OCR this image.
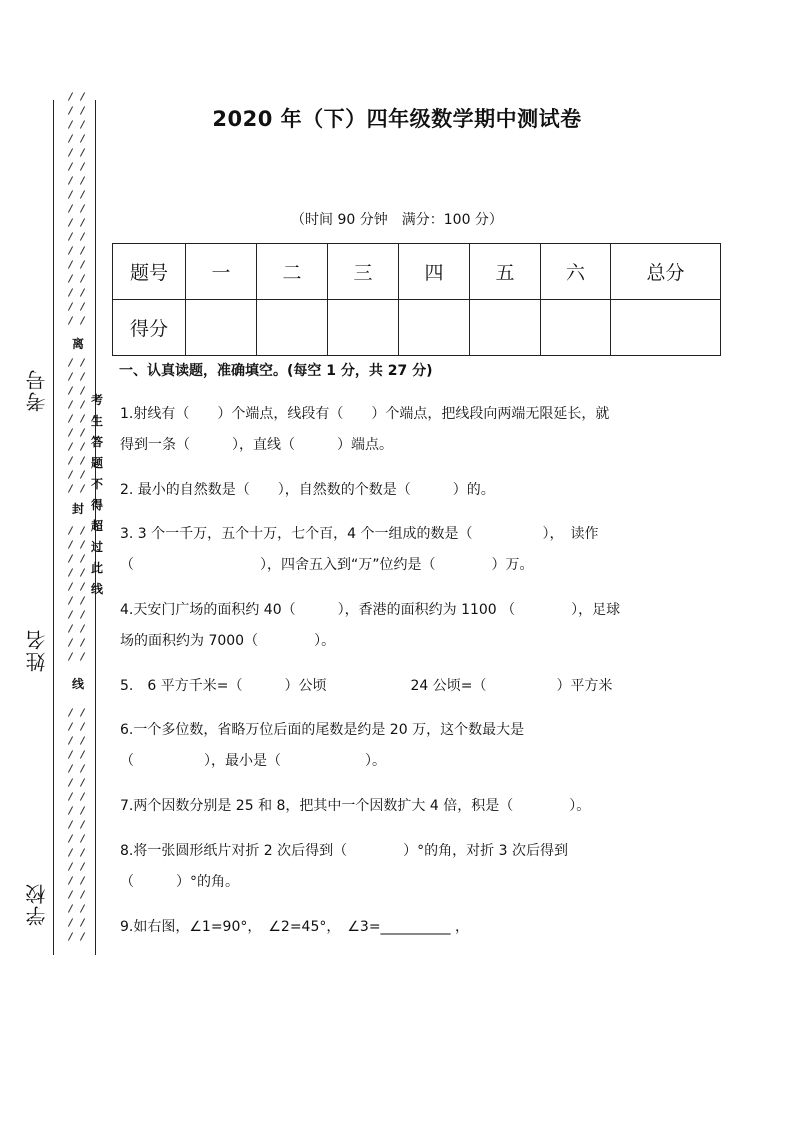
考号
姓名
学校
离
封
线
考
生
答
题
不
得
超
过
此
线
2020 年（下）四年级数学期中测试卷
（时间 90 分钟　满分：100 分）
题号	一	二	三	四	五	六	总分
得分							
一、认真读题，准确填空。(每空 1 分，共 27 分)
1.射线有（　　）个端点，线段有（　　）个端点，把线段向两端无限延长，就
得到一条（　　　），直线（　　　）端点。
2. 最小的自然数是（　　），自然数的个数是（　　　）的。
3. 3 个一千万，五个十万，七个百，4 个一组成的数是（　　　　　），　读作
（　　　　　　　　　），四舍五入到“万”位约是（　　　　）万。
4.天安门广场的面积约 40（　　　），香港的面积约为 1100 （　　　　），足球
场的面积约为 7000（　　　　）。
5.　6 平方千米=（　　　）公顷　　　　　　24 公顷=（　　　　　）平方米
6.一个多位数，省略万位后面的尾数是约是 20 万，这个数最大是
（　　　　　），最小是（　　　　　　）。
7.两个因数分别是 25 和 8，把其中一个因数扩大 4 倍，积是（　　　　）。
8.将一张圆形纸片对折 2 次后得到（　　　　）°的角，对折 3 次后得到
（　　　）°的角。
9.如右图，∠1=90°，　∠2=45°，　∠3=__________ ，
